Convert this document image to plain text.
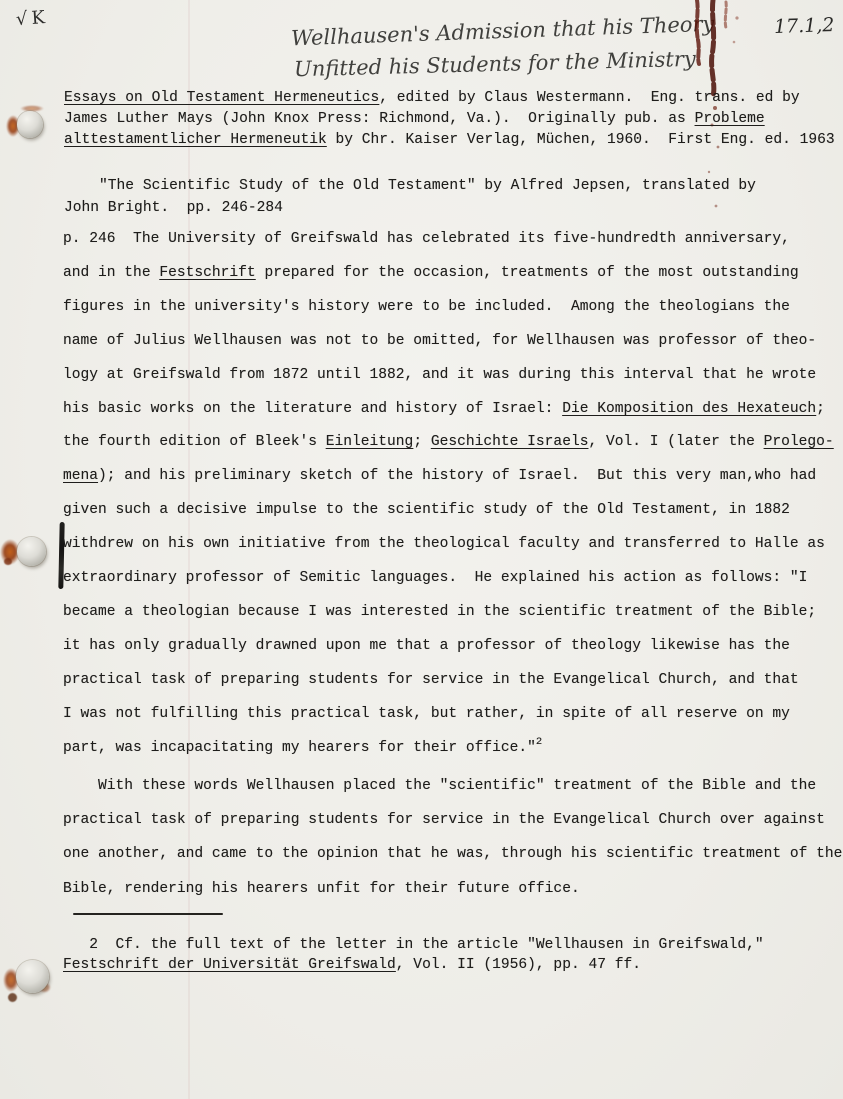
√K	17.1,2
Wellhausen's Admission that his Theory
Unfitted his Students for the Ministry
Essays on Old Testament Hermeneutics, edited by Claus Westermann.  Eng. trans. ed by
James Luther Mays (John Knox Press: Richmond, Va.).  Originally pub. as Probleme
alttestamentlicher Hermeneutik by Chr. Kaiser Verlag, Müchen, 1960.  First Eng. ed. 1963
"The Scientific Study of the Old Testament" by Alfred Jepsen, translated by
John Bright.  pp. 246-284
p. 246  The University of Greifswald has celebrated its five-hundredth anniversary,
and in the Festschrift prepared for the occasion, treatments of the most outstanding
figures in the university's history were to be included.  Among the theologians the
name of Julius Wellhausen was not to be omitted, for Wellhausen was professor of theo-
logy at Greifswald from 1872 until 1882, and it was during this interval that he wrote
his basic works on the literature and history of Israel: Die Komposition des Hexateuch;
the fourth edition of Bleek's Einleitung; Geschichte Israels, Vol. I (later the Prolego-
mena); and his preliminary sketch of the history of Israel.  But this very man,who had
given such a decisive impulse to the scientific study of the Old Testament, in 1882
withdrew on his own initiative from the theological faculty and transferred to Halle as
extraordinary professor of Semitic languages.  He explained his action as follows: "I
became a theologian because I was interested in the scientific treatment of the Bible;
it has only gradually drawned upon me that a professor of theology likewise has the
practical task of preparing students for service in the Evangelical Church, and that
I was not fulfilling this practical task, but rather, in spite of all reserve on my
part, was incapacitating my hearers for their office."$^2$
With these words Wellhausen placed the "scientific" treatment of the Bible and the
practical task of preparing students for service in the Evangelical Church over against
one another, and came to the opinion that he was, through his scientific treatment of the
Bible, rendering his hearers unfit for their future office.
2  Cf. the full text of the letter in the article "Wellhausen in Greifswald,"
Festschrift der Universität Greifswald, Vol. II (1956), pp. 47 ff.
